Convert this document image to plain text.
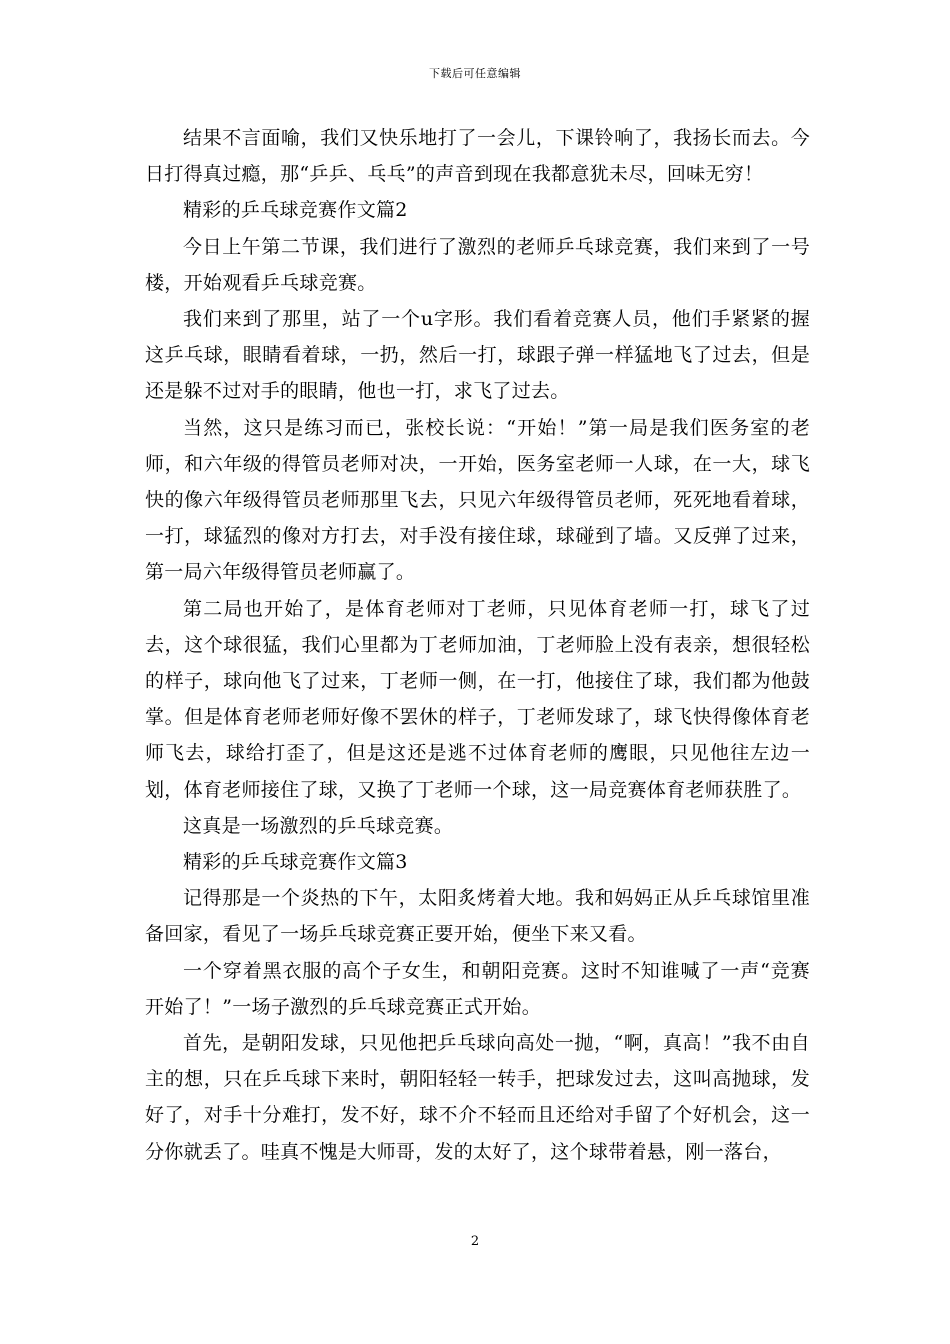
下载后可任意编辑

结果不言面喻，我们又快乐地打了一会儿，下课铃响了，我扬长而去。今日打得真过瘾，那“乒乒、乓乓”的声音到现在我都意犹未尽，回味无穷！

精彩的乒乓球竞赛作文篇2

今日上午第二节课，我们进行了激烈的老师乒乓球竞赛，我们来到了一号楼，开始观看乒乓球竞赛。

我们来到了那里，站了一个u字形。我们看着竞赛人员，他们手紧紧的握这乒乓球，眼睛看着球，一扔，然后一打，球跟子弹一样猛地飞了过去，但是还是躲不过对手的眼睛，他也一打，求飞了过去。

当然，这只是练习而已，张校长说：“开始！”第一局是我们医务室的老师，和六年级的得管员老师对决，一开始，医务室老师一人球，在一大，球飞快的像六年级得管员老师那里飞去，只见六年级得管员老师，死死地看着球，一打，球猛烈的像对方打去，对手没有接住球，球碰到了墙。又反弹了过来，第一局六年级得管员老师赢了。

第二局也开始了，是体育老师对丁老师，只见体育老师一打，球飞了过去，这个球很猛，我们心里都为丁老师加油，丁老师脸上没有表亲，想很轻松的样子，球向他飞了过来，丁老师一侧，在一打，他接住了球，我们都为他鼓掌。但是体育老师老师好像不罢休的样子，丁老师发球了，球飞快得像体育老师飞去，球给打歪了，但是这还是逃不过体育老师的鹰眼，只见他往左边一划，体育老师接住了球，又换了丁老师一个球，这一局竞赛体育老师获胜了。

这真是一场激烈的乒乓球竞赛。

精彩的乒乓球竞赛作文篇3

记得那是一个炎热的下午，太阳炙烤着大地。我和妈妈正从乒乓球馆里准备回家，看见了一场乒乓球竞赛正要开始，便坐下来又看。

一个穿着黑衣服的高个子女生，和朝阳竞赛。这时不知谁喊了一声“竞赛开始了！”一场子激烈的乒乓球竞赛正式开始。

首先，是朝阳发球，只见他把乒乓球向高处一抛，“啊，真高！”我不由自主的想，只在乒乓球下来时，朝阳轻轻一转手，把球发过去，这叫高抛球，发好了，对手十分难打，发不好，球不介不轻而且还给对手留了个好机会，这一分你就丢了。哇真不愧是大师哥，发的太好了，这个球带着悬，刚一落台，

2
